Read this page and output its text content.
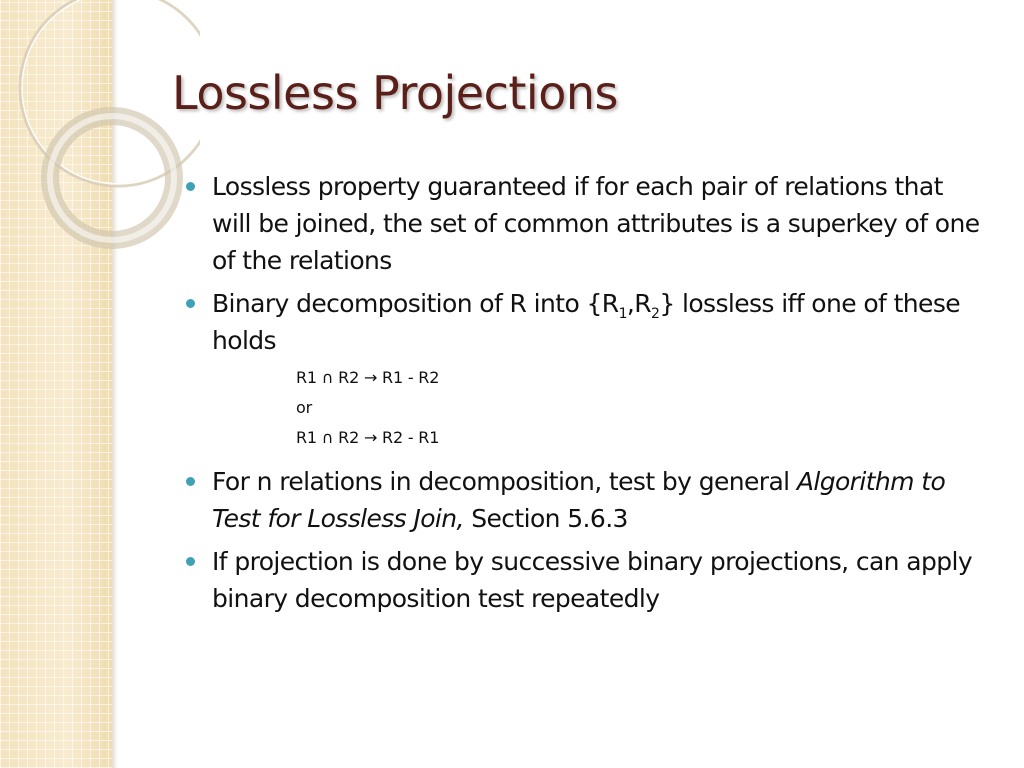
Lossless Projections
Lossless property guaranteed if for each pair of relations that will be joined, the set of common attributes is a superkey of one of the relations
Binary decomposition of R into $\{R_1,R_2\}$ lossless iff one of these holds
R1 ∩ R2 → R1 - R2
or
R1 ∩ R2 → R2 - R1
For n relations in decomposition, test by general Algorithm to Test for Lossless Join, Section 5.6.3
If projection is done by successive binary projections, can apply binary decomposition test repeatedly
